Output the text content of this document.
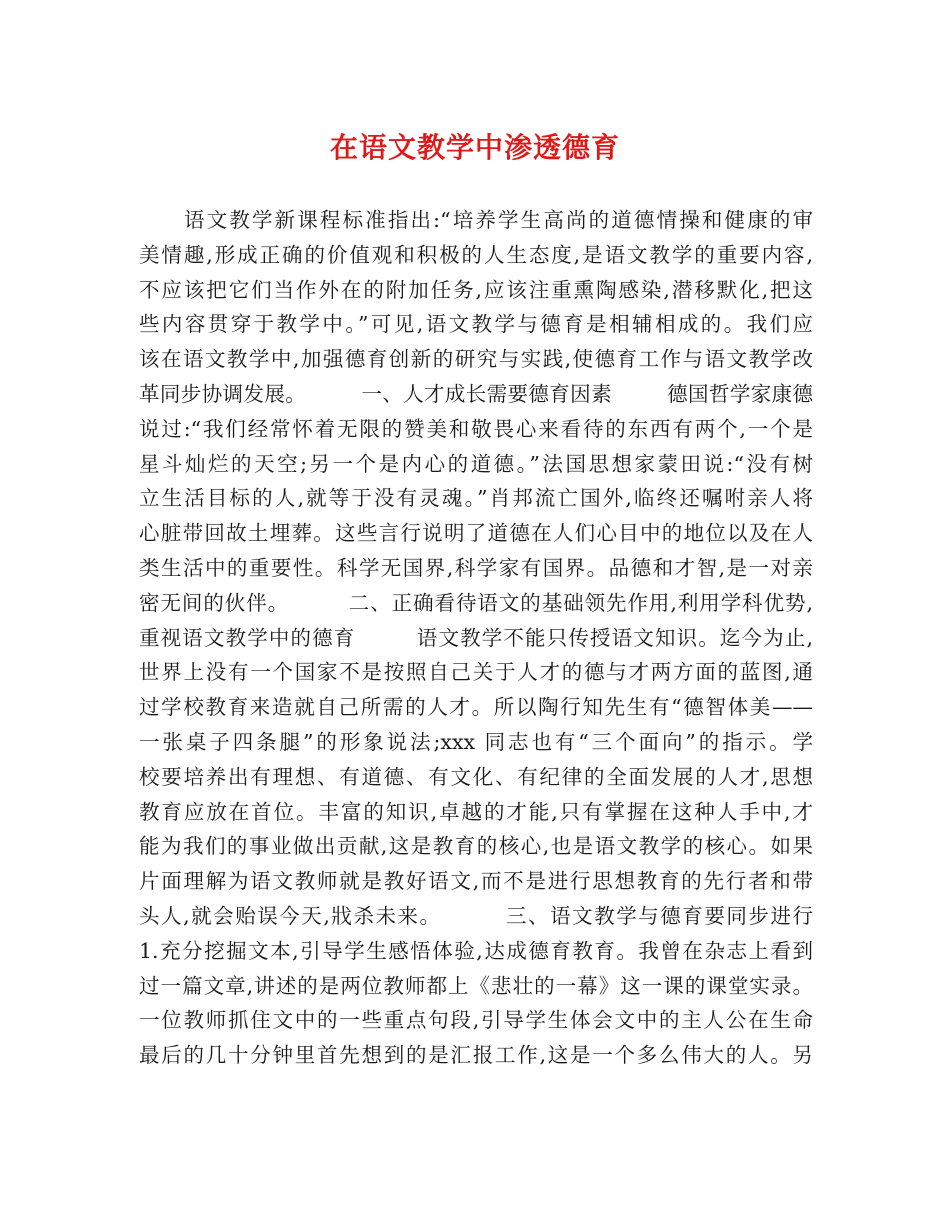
在语文教学中渗透德育
语文教学新课程标准指出:“培养学生高尚的道德情操和健康的审
美情趣,形成正确的价值观和积极的人生态度,是语文教学的重要内容,
不应该把它们当作外在的附加任务,应该注重熏陶感染,潜移默化,把这
些内容贯穿于教学中。”可见,语文教学与德育是相辅相成的。我们应
该在语文教学中,加强德育创新的研究与实践,使德育工作与语文教学改
革同步协调发展。        一、人才成长需要德育因素        德国哲学家康德
说过:“我们经常怀着无限的赞美和敬畏心来看待的东西有两个,一个是
星斗灿烂的天空;另一个是内心的道德。”法国思想家蒙田说:“没有树
立生活目标的人,就等于没有灵魂。”肖邦流亡国外,临终还嘱咐亲人将
心脏带回故土埋葬。这些言行说明了道德在人们心目中的地位以及在人
类生活中的重要性。科学无国界,科学家有国界。品德和才智,是一对亲
密无间的伙伴。        二、正确看待语文的基础领先作用,利用学科优势,
重视语文教学中的德育        语文教学不能只传授语文知识。迄今为止,
世界上没有一个国家不是按照自己关于人才的德与才两方面的蓝图,通
过学校教育来造就自己所需的人才。所以陶行知先生有“德智体美——
一张桌子四条腿”的形象说法;xxx 同志也有“三个面向”的指示。学
校要培养出有理想、有道德、有文化、有纪律的全面发展的人才,思想
教育应放在首位。丰富的知识,卓越的才能,只有掌握在这种人手中,才
能为我们的事业做出贡献,这是教育的核心,也是语文教学的核心。如果
片面理解为语文教师就是教好语文,而不是进行思想教育的先行者和带
头人,就会贻误今天,戕杀未来。        三、语文教学与德育要同步进行
1.充分挖掘文本,引导学生感悟体验,达成德育教育。我曾在杂志上看到
过一篇文章,讲述的是两位教师都上《悲壮的一幕》这一课的课堂实录。
一位教师抓住文中的一些重点句段,引导学生体会文中的主人公在生命
最后的几十分钟里首先想到的是汇报工作,这是一个多么伟大的人。另
